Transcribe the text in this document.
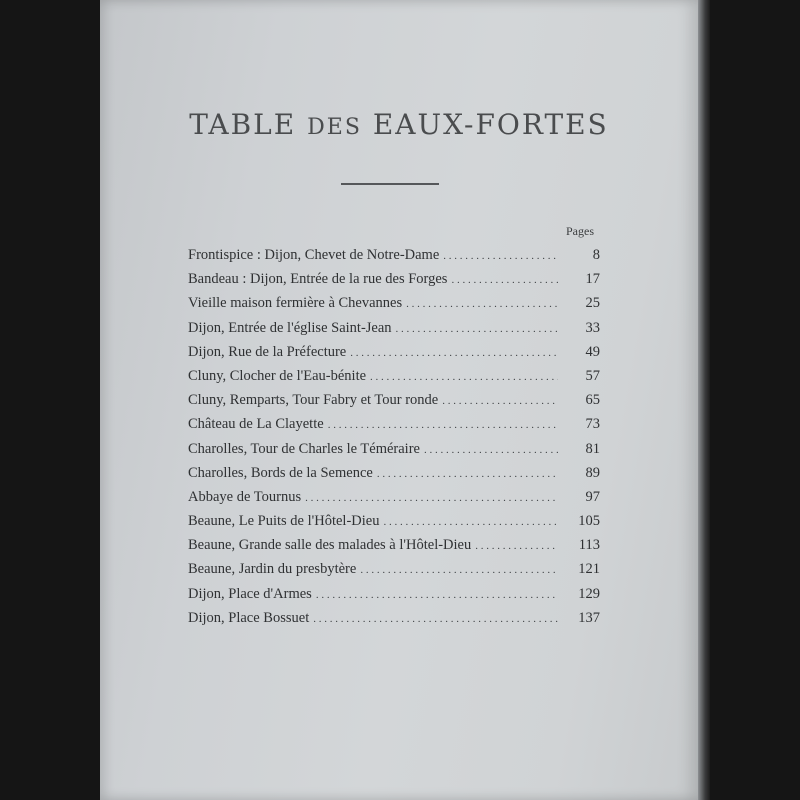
TABLE DES EAUX-FORTES
Pages
Frontispice : Dijon, Chevet de Notre-Dame . . .	8
Bandeau : Dijon, Entrée de la rue des Forges . . .	17
Vieille maison fermière à Chevannes . . .	25
Dijon, Entrée de l'église Saint-Jean . . .	33
Dijon, Rue de la Préfecture . . .	49
Cluny, Clocher de l'Eau-bénite . . .	57
Cluny, Remparts, Tour Fabry et Tour ronde . . .	65
Château de La Clayette . . .	73
Charolles, Tour de Charles le Téméraire . . .	81
Charolles, Bords de la Semence . . .	89
Abbaye de Tournus . . .	97
Beaune, Le Puits de l'Hôtel-Dieu . . .	105
Beaune, Grande salle des malades à l'Hôtel-Dieu . . .	113
Beaune, Jardin du presbytère . . .	121
Dijon, Place d'Armes . . .	129
Dijon, Place Bossuet . . .	137
